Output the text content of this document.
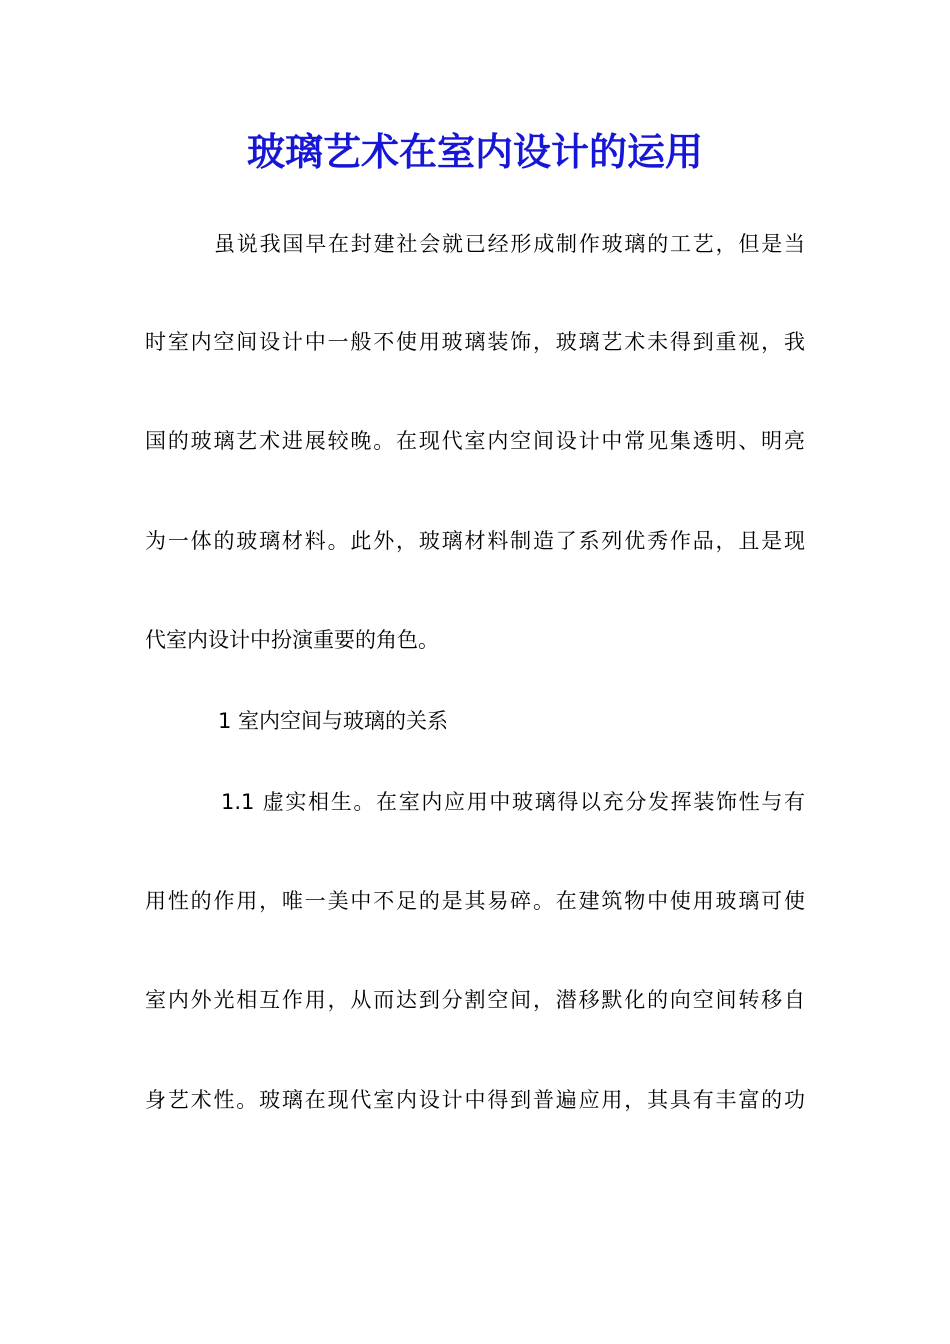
玻璃艺术在室内设计的运用
虽说我国早在封建社会就已经形成制作玻璃的工艺，但是当
时室内空间设计中一般不使用玻璃装饰，玻璃艺术未得到重视，我
国的玻璃艺术进展较晚。在现代室内空间设计中常见集透明、明亮
为一体的玻璃材料。此外，玻璃材料制造了系列优秀作品，且是现
代室内设计中扮演重要的角色。
1 室内空间与玻璃的关系
1.1 虚实相生。在室内应用中玻璃得以充分发挥装饰性与有
用性的作用，唯一美中不足的是其易碎。在建筑物中使用玻璃可使
室内外光相互作用，从而达到分割空间，潜移默化的向空间转移自
身艺术性。玻璃在现代室内设计中得到普遍应用，其具有丰富的功
